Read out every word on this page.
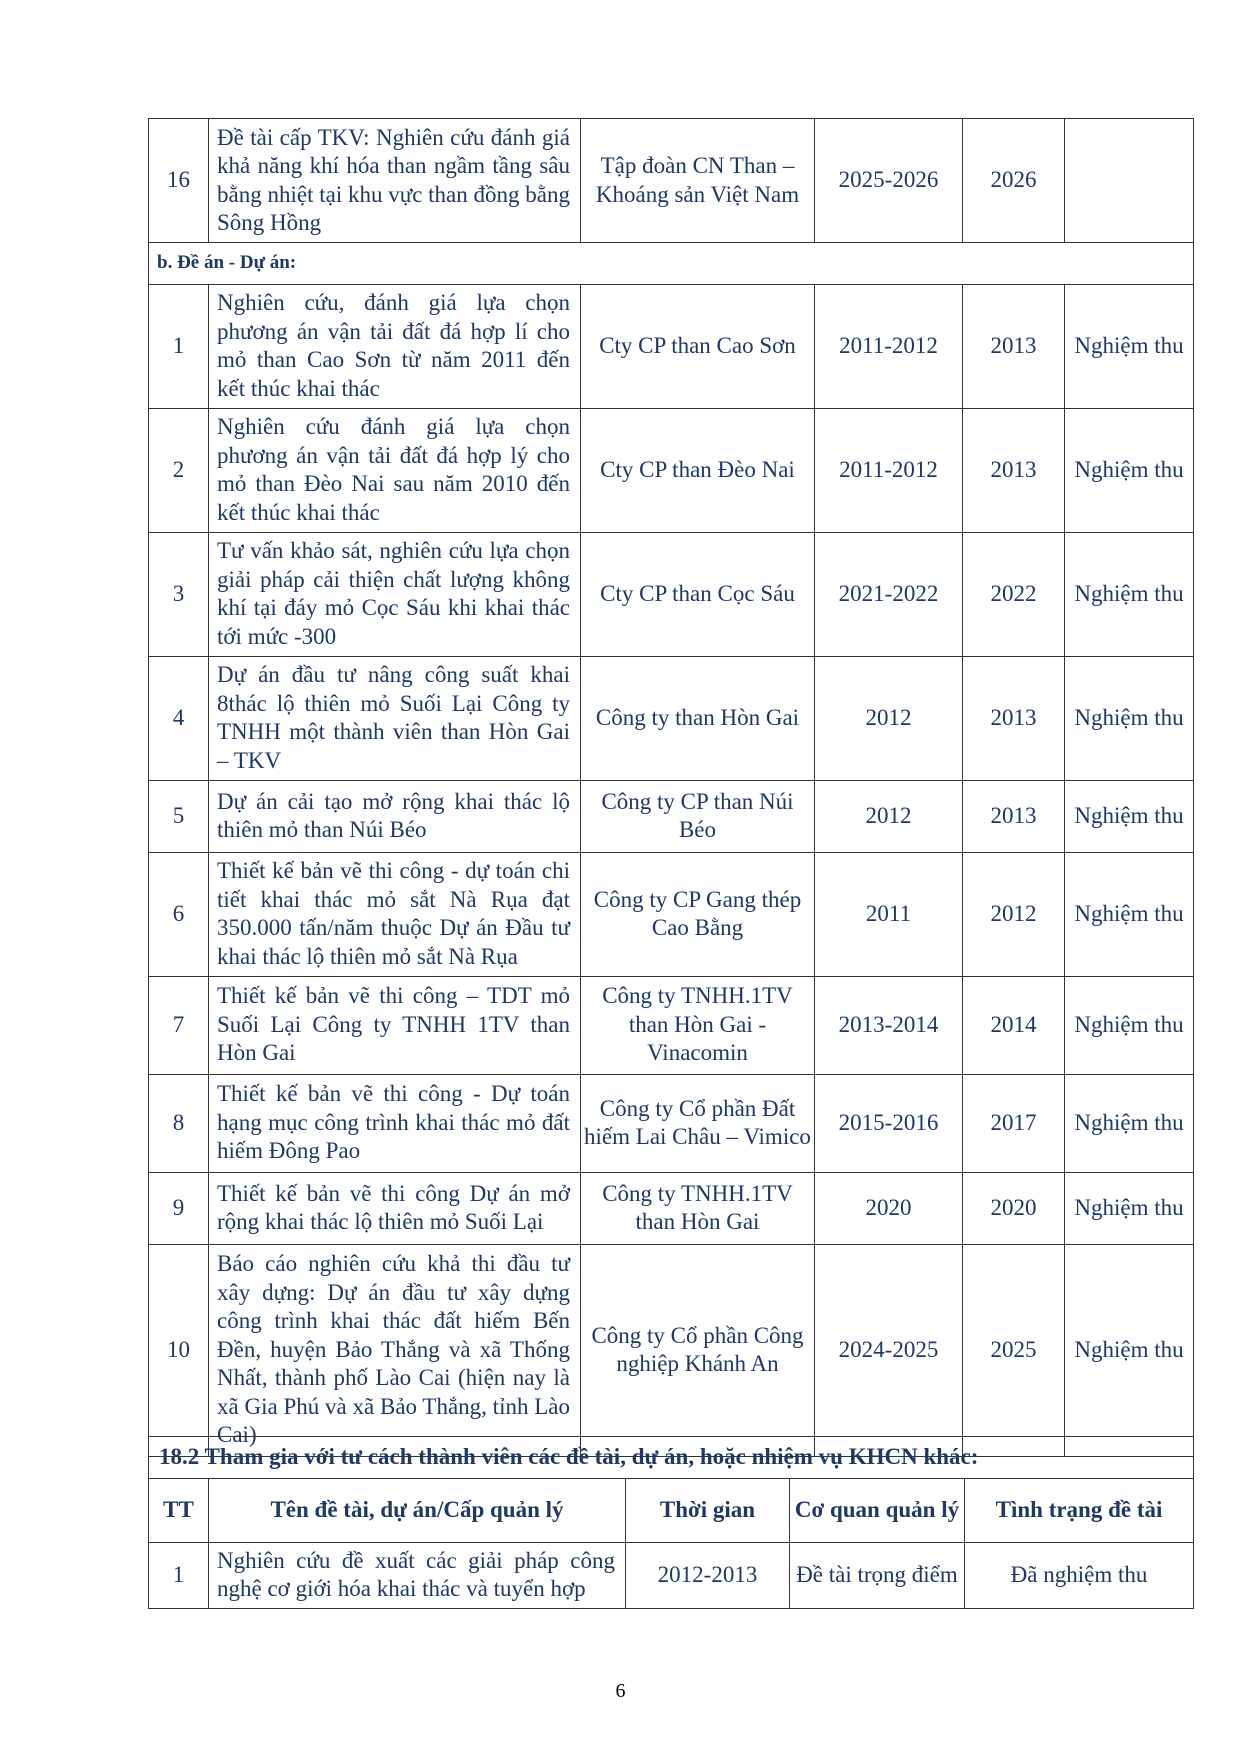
16	Đề tài cấp TKV: Nghiên cứu đánh giá khả năng khí hóa than ngầm tầng sâu bằng nhiệt tại khu vực than đồng bằng Sông Hồng	Tập đoàn CN Than – Khoáng sản Việt Nam	2025-2026	2026	
b. Đề án - Dự án:					
1	Nghiên cứu, đánh giá lựa chọn phương án vận tải đất đá hợp lí cho mỏ than Cao Sơn từ năm 2011 đến kết thúc khai thác	Cty CP than Cao Sơn	2011-2012	2013	Nghiệm thu
2	Nghiên cứu đánh giá lựa chọn phương án vận tải đất đá hợp lý cho mỏ than Đèo Nai sau năm 2010 đến kết thúc khai thác	Cty CP than Đèo Nai	2011-2012	2013	Nghiệm thu
3	Tư vấn khảo sát, nghiên cứu lựa chọn giải pháp cải thiện chất lượng không khí tại đáy mỏ Cọc Sáu khi khai thác tới mức -300	Cty CP than Cọc Sáu	2021-2022	2022	Nghiệm thu
4	Dự án đầu tư nâng công suất khai 8thác lộ thiên mỏ Suối Lại Công ty TNHH một thành viên than Hòn Gai – TKV	Công ty than Hòn Gai	2012	2013	Nghiệm thu
5	Dự án cải tạo mở rộng khai thác lộ thiên mỏ than Núi Béo	Công ty CP than Núi Béo	2012	2013	Nghiệm thu
6	Thiết kế bản vẽ thi công - dự toán chi tiết khai thác mỏ sắt Nà Rụa đạt 350.000 tấn/năm thuộc Dự án Đầu tư khai thác lộ thiên mỏ sắt Nà Rụa	Công ty CP Gang thép Cao Bằng	2011	2012	Nghiệm thu
7	Thiết kế bản vẽ thi công – TDT mỏ Suối Lại Công ty TNHH 1TV than Hòn Gai	Công ty TNHH.1TV than Hòn Gai - Vinacomin	2013-2014	2014	Nghiệm thu
8	Thiết kế bản vẽ thi công - Dự toán hạng mục công trình khai thác mỏ đất hiếm Đông Pao	Công ty Cổ phần Đất hiếm Lai Châu – Vimico	2015-2016	2017	Nghiệm thu
9	Thiết kế bản vẽ thi công Dự án mở rộng khai thác lộ thiên mỏ Suối Lại	Công ty TNHH.1TV than Hòn Gai	2020	2020	Nghiệm thu
10	Báo cáo nghiên cứu khả thi đầu tư xây dựng: Dự án đầu tư xây dựng công trình khai thác đất hiếm Bến Đền, huyện Bảo Thắng và xã Thống Nhất, thành phố Lào Cai (hiện nay là xã Gia Phú và xã Bảo Thắng, tỉnh Lào Cai)	Công ty Cổ phần Công nghiệp Khánh An	2024-2025	2025	Nghiệm thu
18.2 Tham gia với tư cách thành viên các đề tài, dự án, hoặc nhiệm vụ KHCN khác:				
TT	Tên đề tài, dự án/Cấp quản lý	Thời gian	Cơ quan quản lý	Tình trạng đề tài
1	Nghiên cứu đề xuất các giải pháp công nghệ cơ giới hóa khai thác và tuyển hợp	2012-2013	Đề tài trọng điểm	Đã nghiệm thu
6
